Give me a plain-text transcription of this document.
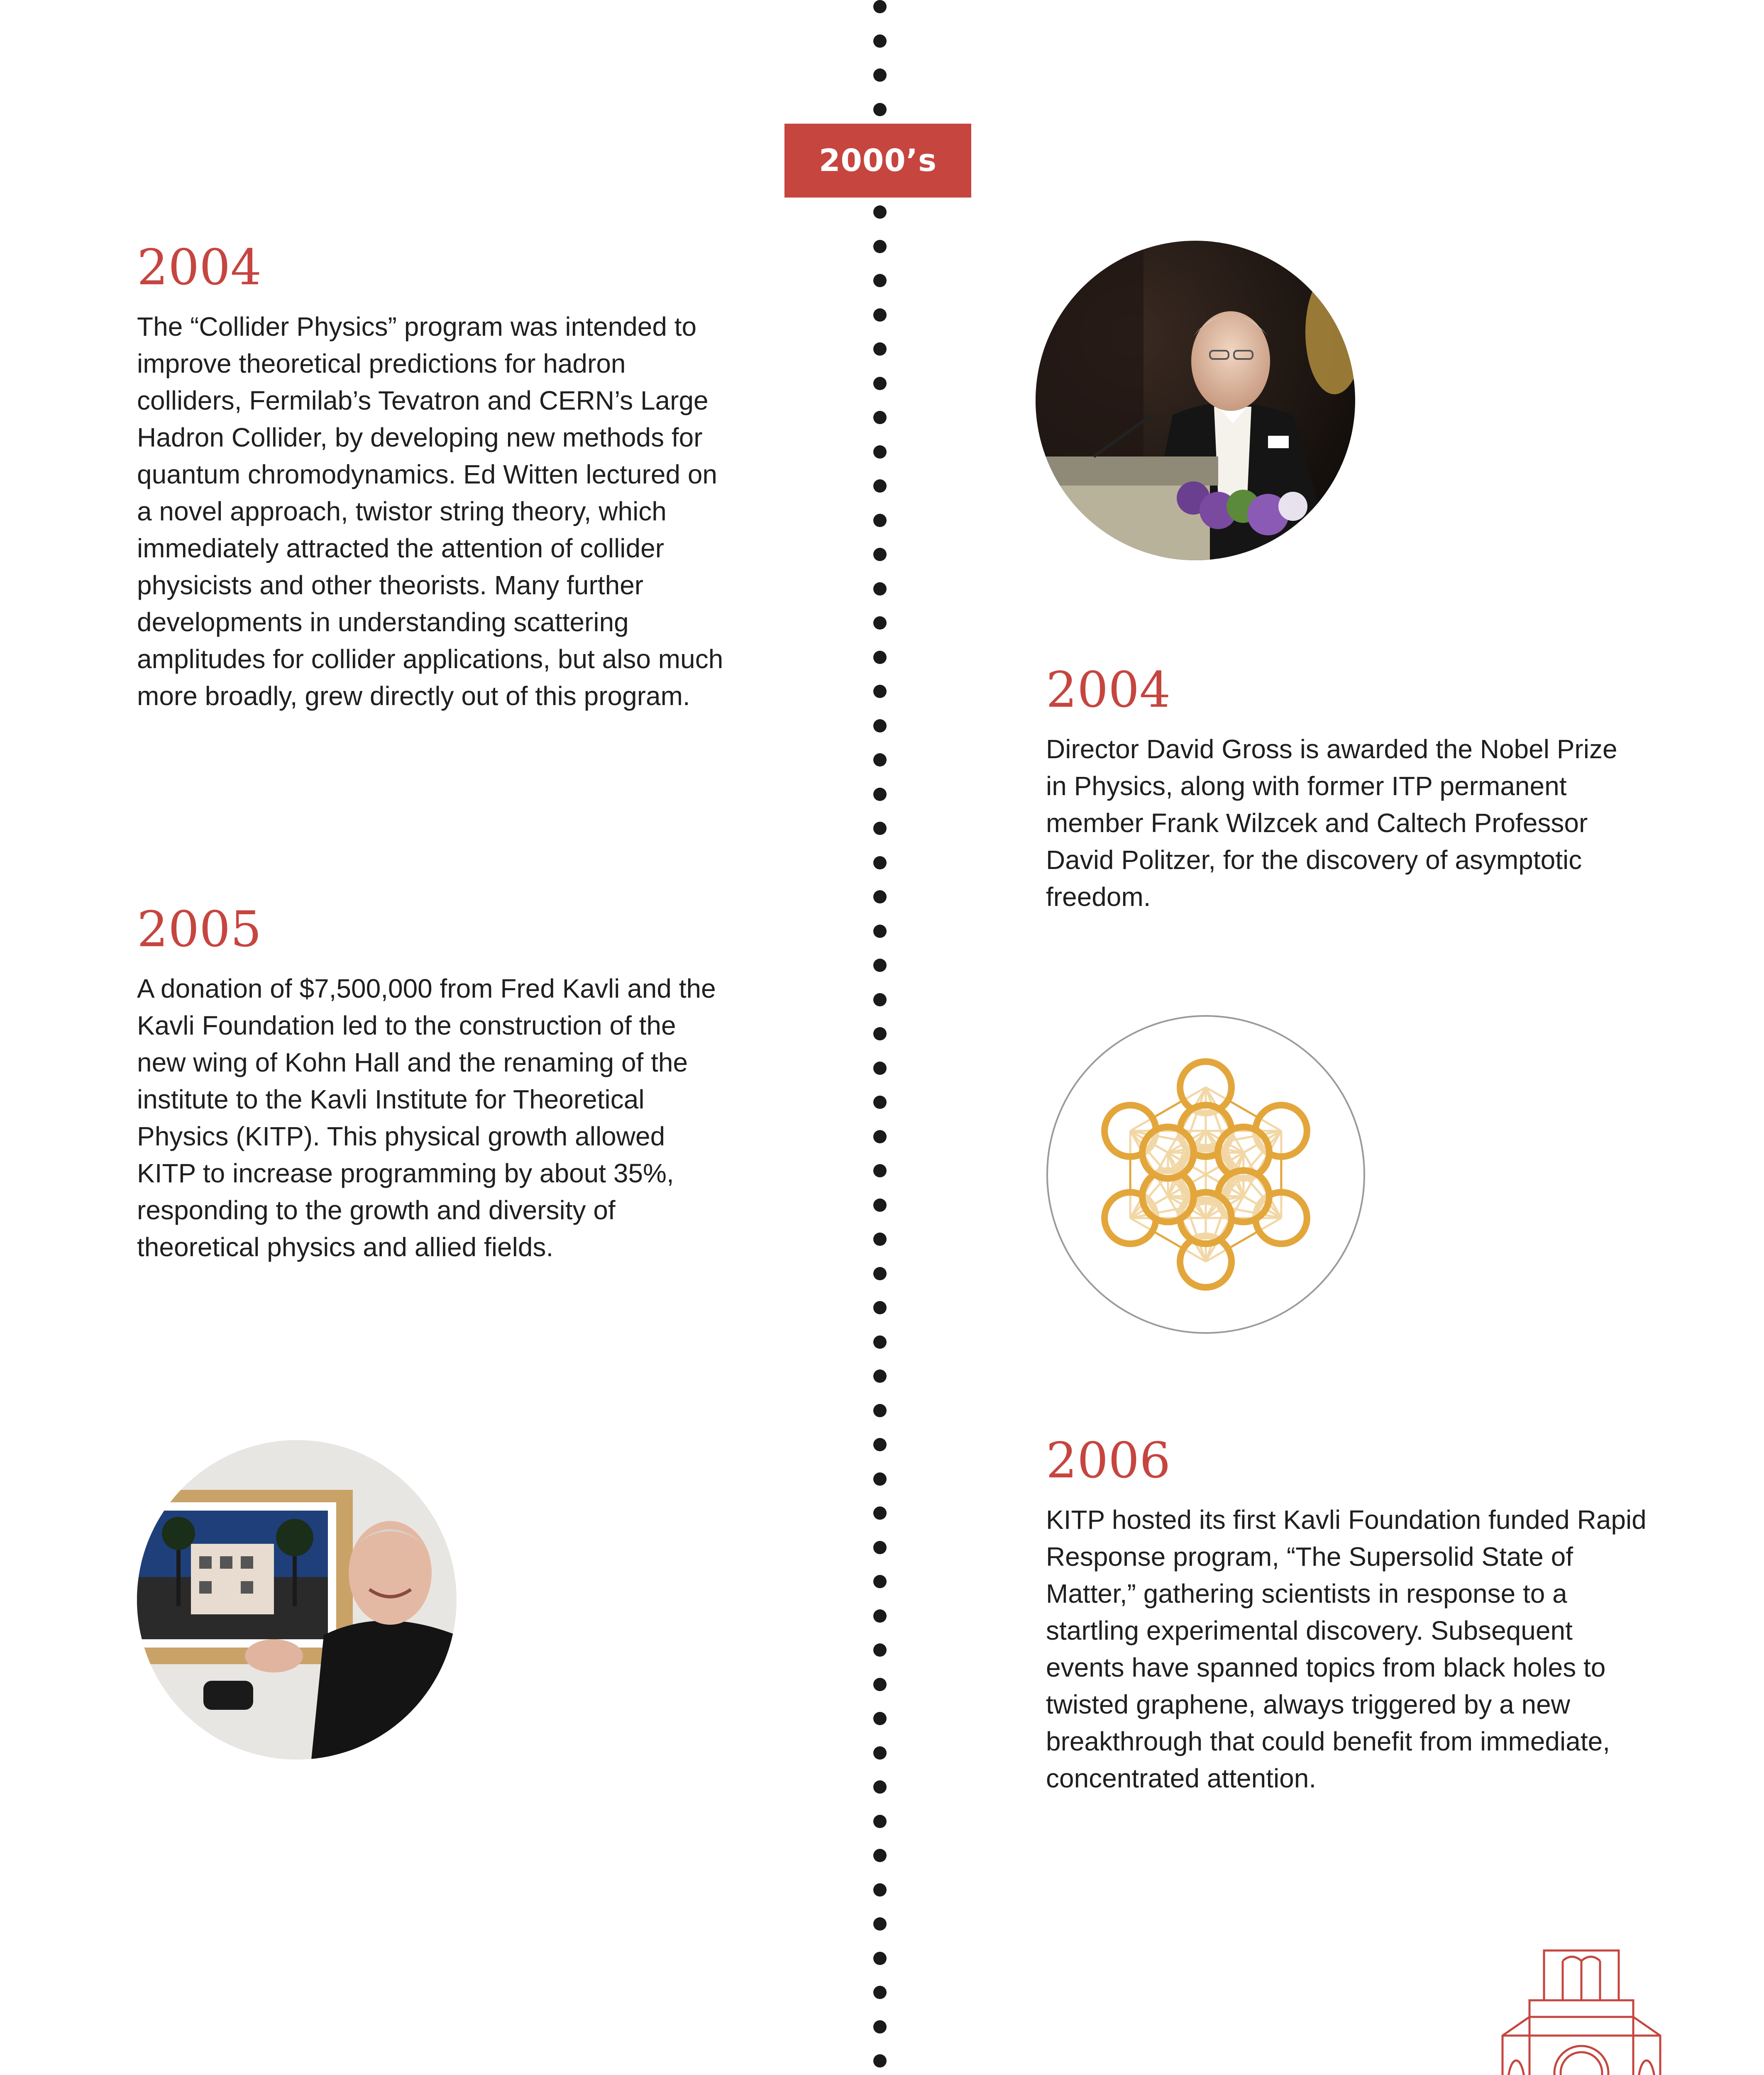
2000’s
2004

The “Collider Physics” program was intended to improve theoretical predictions for hadron colliders, Fermilab’s Tevatron and CERN’s Large Hadron Collider, by developing new methods for quantum chromodynamics. Ed Witten lectured on a novel approach, twistor string theory, which immediately attracted the attention of collider physicists and other theorists. Many further developments in understanding scattering amplitudes for collider applications, but also much more broadly, grew directly out of this program.	2004

Director David Gross is awarded the Nobel Prize in Physics, along with former ITP permanent member Frank Wilzcek and Caltech Professor David Politzer, for the discovery of asymptotic freedom.

2005

A donation of $7,500,000 from Fred Kavli and the Kavli Foundation led to the construction of the new wing of Kohn Hall and the renaming of the institute to the Kavli Institute for Theoretical Physics (KITP). This physical growth allowed KITP to increase programming by about 35%, responding to the growth and diversity of theoretical physics and allied fields.

2006

KITP hosted its first Kavli Foundation funded Rapid Response program, “The Supersolid State of Matter,” gathering scientists in response to a startling experimental discovery. Subsequent events have spanned topics from black holes to twisted graphene, always triggered by a new breakthrough that could benefit from immediate, concentrated attention.
